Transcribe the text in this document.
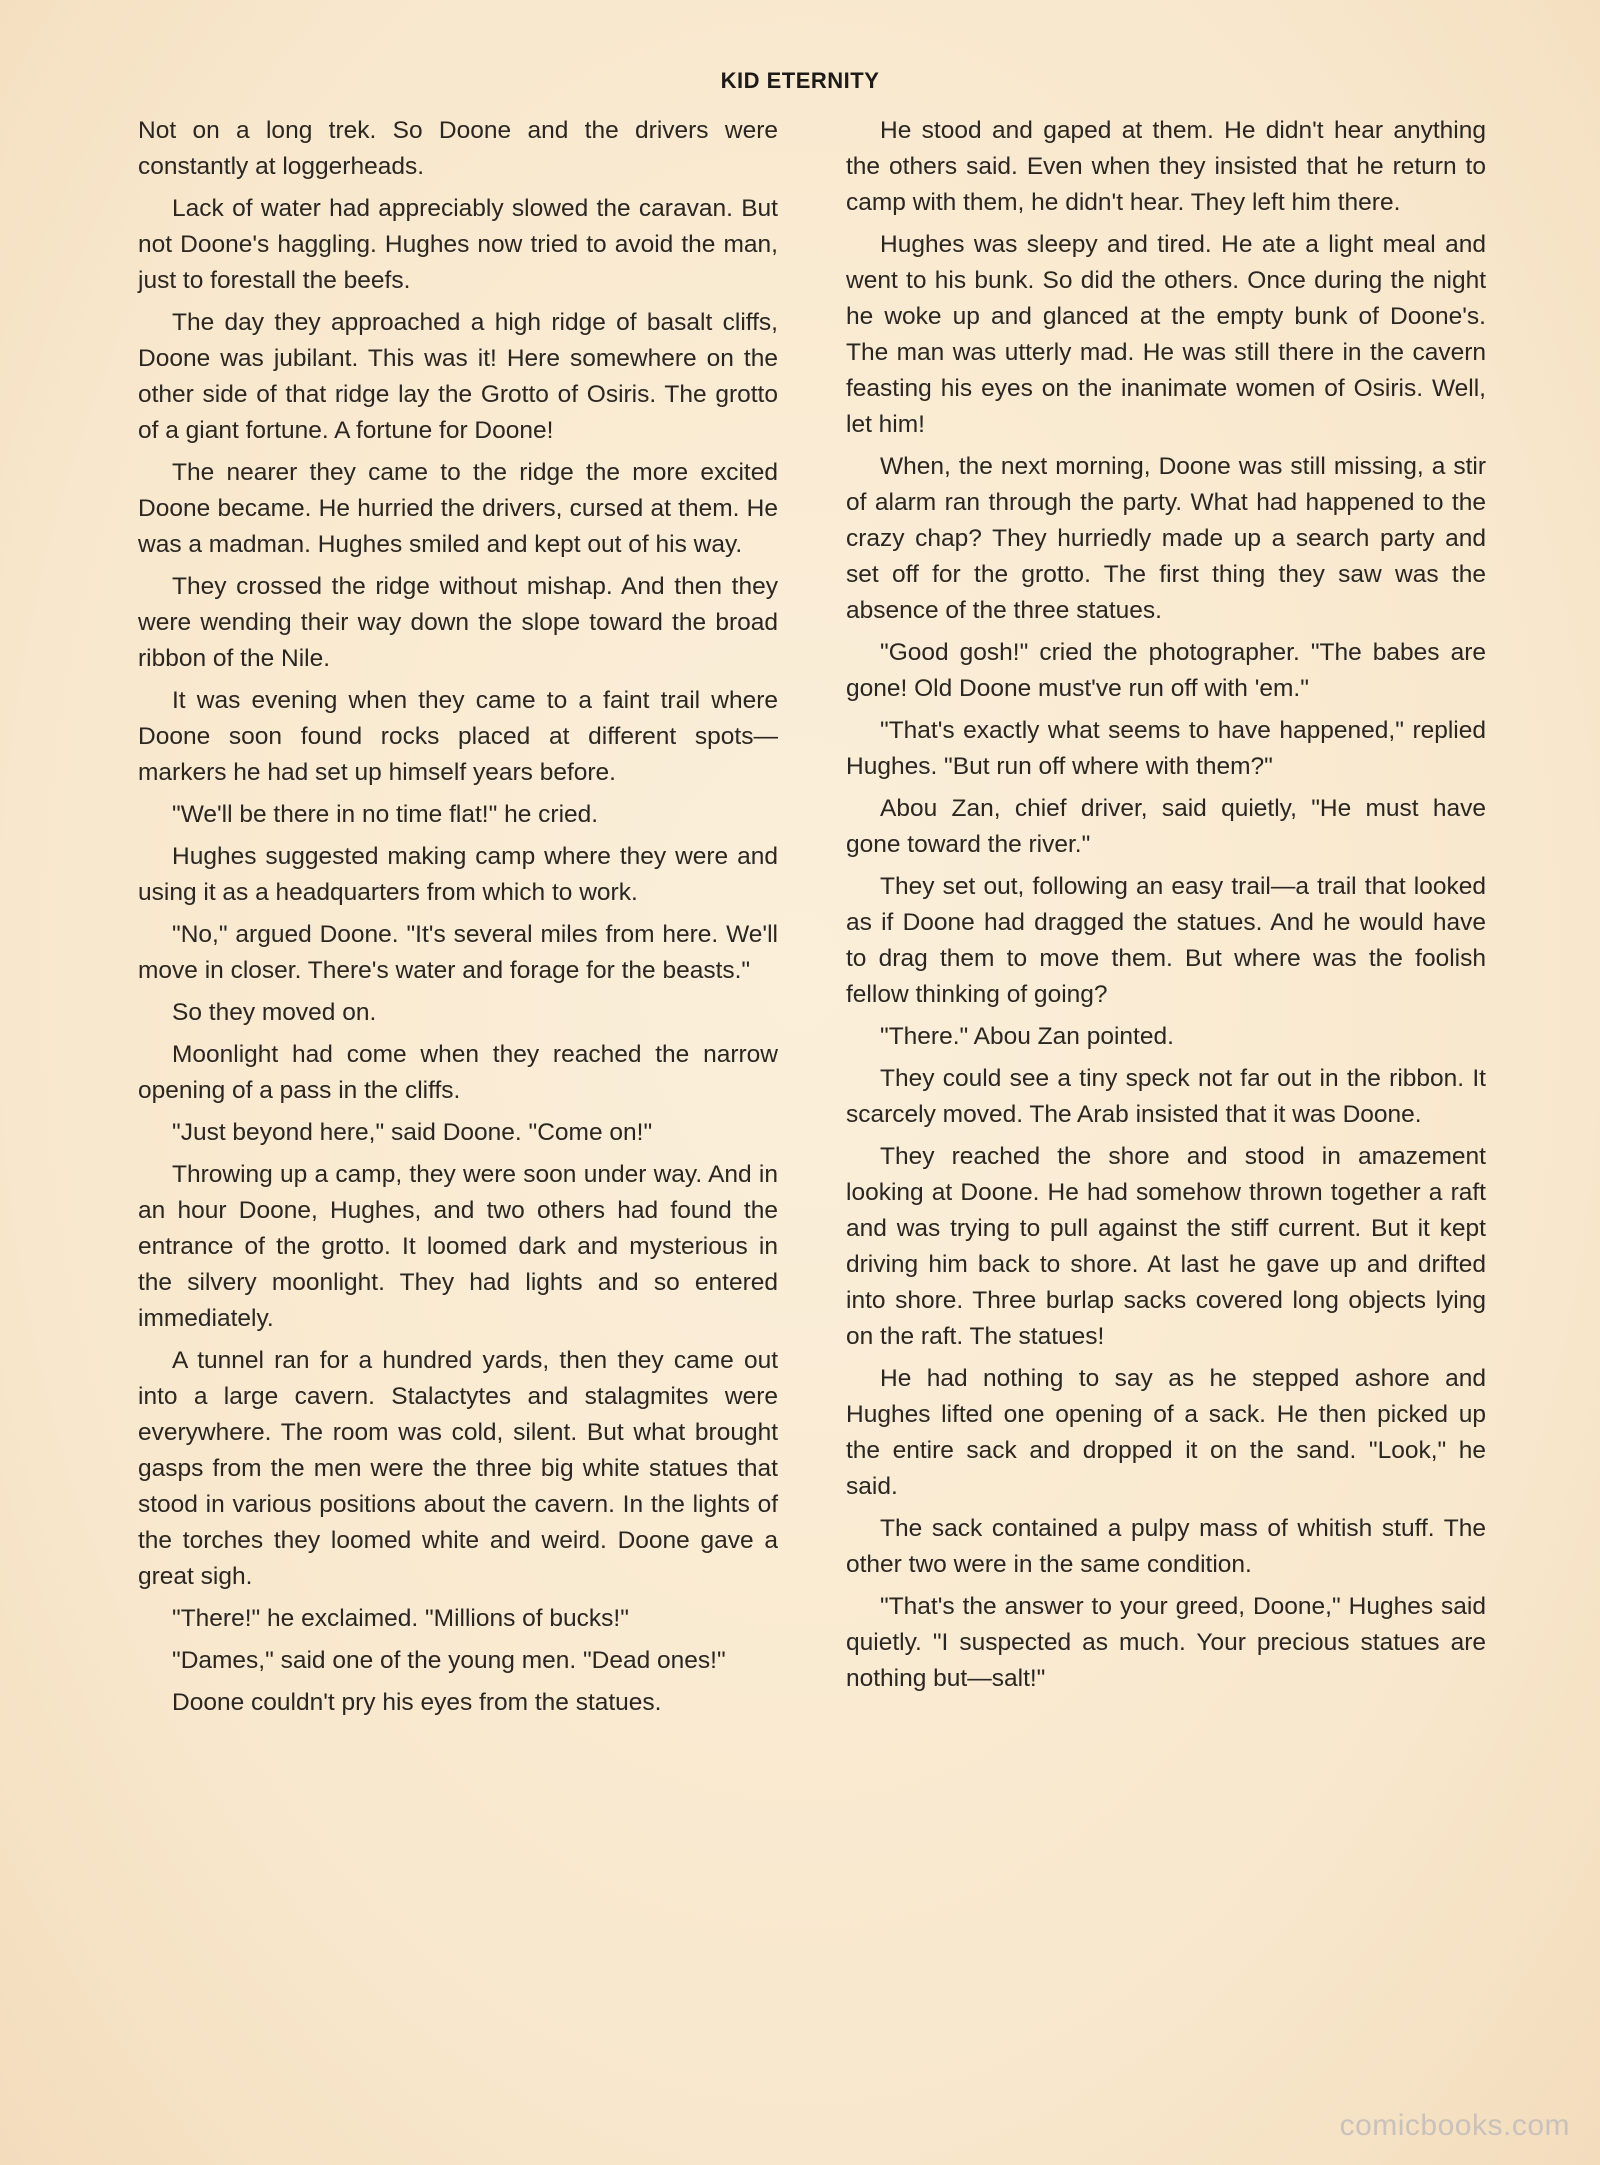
KID ETERNITY

Not on a long trek. So Doone and the drivers were constantly at loggerheads.

Lack of water had appreciably slowed the caravan. But not Doone's haggling. Hughes now tried to avoid the man, just to forestall the beefs.

The day they approached a high ridge of basalt cliffs, Doone was jubilant. This was it! Here somewhere on the other side of that ridge lay the Grotto of Osiris. The grotto of a giant fortune. A fortune for Doone!

The nearer they came to the ridge the more excited Doone became. He hurried the drivers, cursed at them. He was a madman. Hughes smiled and kept out of his way.

They crossed the ridge without mishap. And then they were wending their way down the slope toward the broad ribbon of the Nile.

It was evening when they came to a faint trail where Doone soon found rocks placed at different spots—markers he had set up himself years before.

"We'll be there in no time flat!" he cried.

Hughes suggested making camp where they were and using it as a headquarters from which to work.

"No," argued Doone. "It's several miles from here. We'll move in closer. There's water and forage for the beasts."

So they moved on.

Moonlight had come when they reached the narrow opening of a pass in the cliffs.

"Just beyond here," said Doone. "Come on!"

Throwing up a camp, they were soon under way. And in an hour Doone, Hughes, and two others had found the entrance of the grotto. It loomed dark and mysterious in the silvery moonlight. They had lights and so entered immediately.

A tunnel ran for a hundred yards, then they came out into a large cavern. Stalactytes and stalagmites were everywhere. The room was cold, silent. But what brought gasps from the men were the three big white statues that stood in various positions about the cavern. In the lights of the torches they loomed white and weird. Doone gave a great sigh.

"There!" he exclaimed. "Millions of bucks!"

"Dames," said one of the young men. "Dead ones!"

Doone couldn't pry his eyes from the statues.

He stood and gaped at them. He didn't hear anything the others said. Even when they insisted that he return to camp with them, he didn't hear. They left him there.

Hughes was sleepy and tired. He ate a light meal and went to his bunk. So did the others. Once during the night he woke up and glanced at the empty bunk of Doone's. The man was utterly mad. He was still there in the cavern feasting his eyes on the inanimate women of Osiris. Well, let him!

When, the next morning, Doone was still missing, a stir of alarm ran through the party. What had happened to the crazy chap? They hurriedly made up a search party and set off for the grotto. The first thing they saw was the absence of the three statues.

"Good gosh!" cried the photographer. "The babes are gone! Old Doone must've run off with 'em."

"That's exactly what seems to have happened," replied Hughes. "But run off where with them?"

Abou Zan, chief driver, said quietly, "He must have gone toward the river."

They set out, following an easy trail—a trail that looked as if Doone had dragged the statues. And he would have to drag them to move them. But where was the foolish fellow thinking of going?

"There." Abou Zan pointed.

They could see a tiny speck not far out in the ribbon. It scarcely moved. The Arab insisted that it was Doone.

They reached the shore and stood in amazement looking at Doone. He had somehow thrown together a raft and was trying to pull against the stiff current. But it kept driving him back to shore. At last he gave up and drifted into shore. Three burlap sacks covered long objects lying on the raft. The statues!

He had nothing to say as he stepped ashore and Hughes lifted one opening of a sack. He then picked up the entire sack and dropped it on the sand. "Look," he said.

The sack contained a pulpy mass of whitish stuff. The other two were in the same condition.

"That's the answer to your greed, Doone," Hughes said quietly. "I suspected as much. Your precious statues are nothing but—salt!"

comicbooks.com
